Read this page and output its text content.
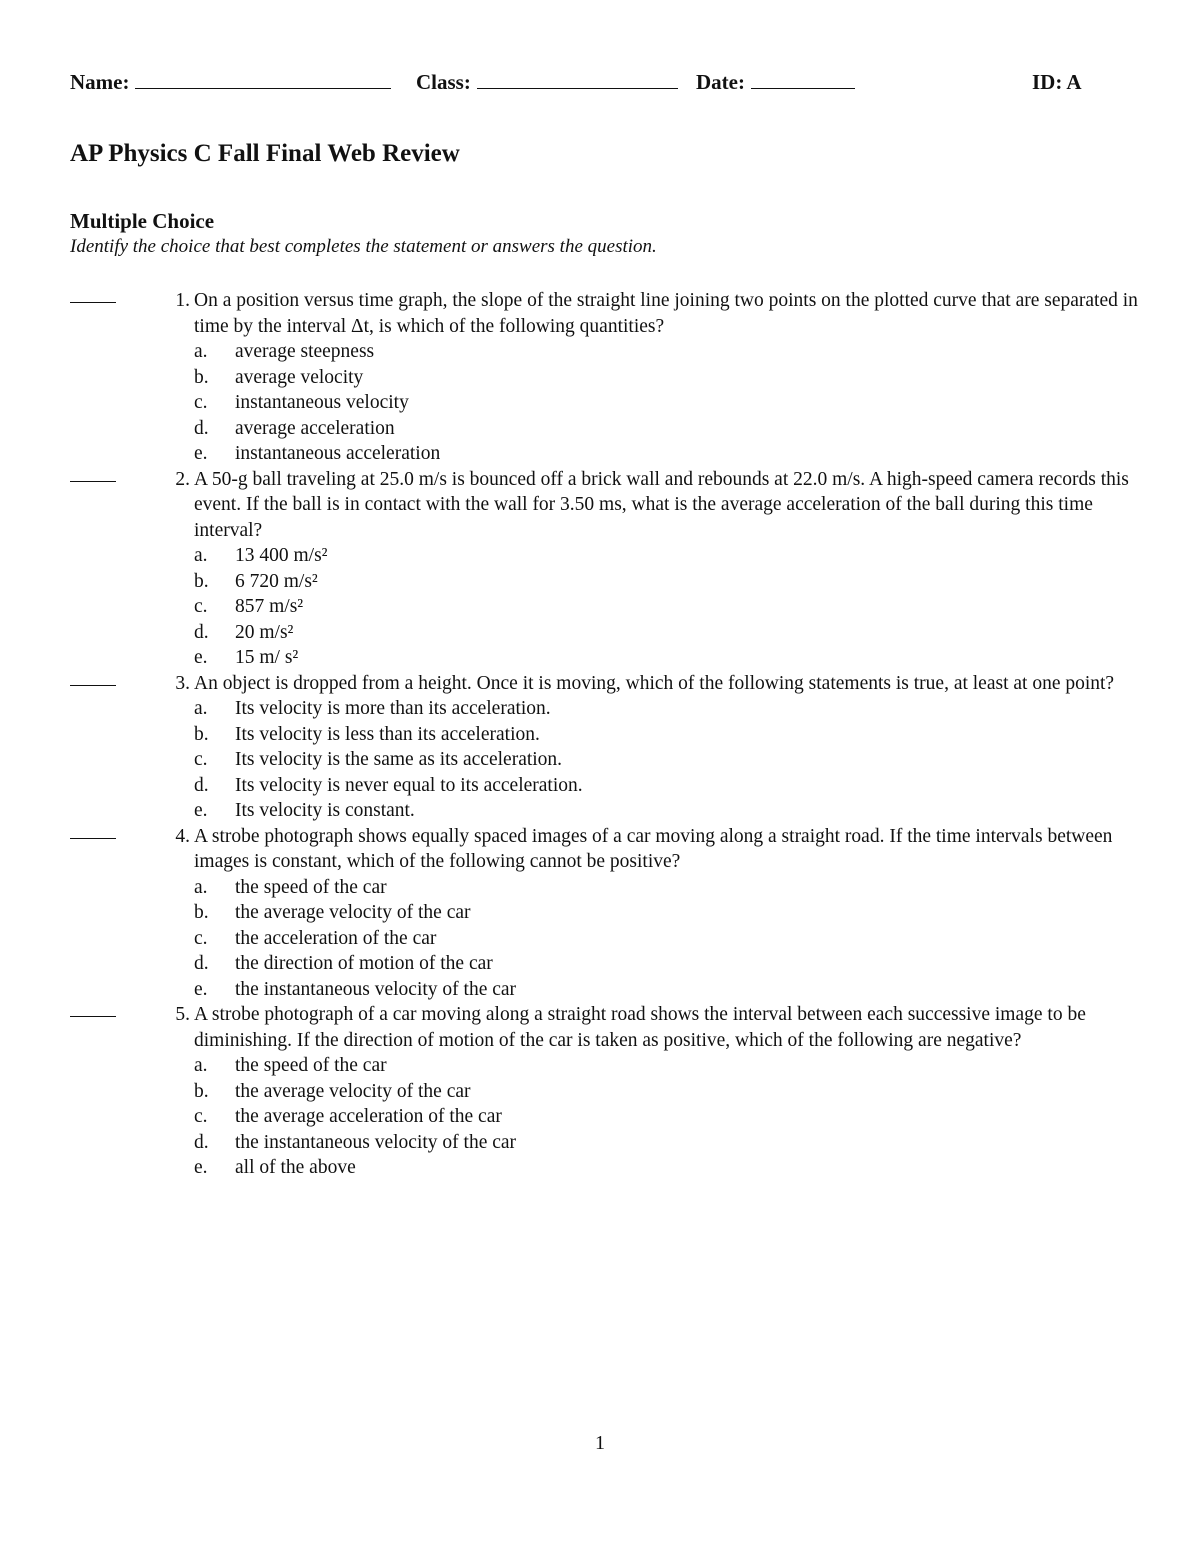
Name:	Class:	Date:	ID: A
AP Physics C Fall Final Web Review
Multiple Choice
Identify the choice that best completes the statement or answers the question.
1. On a position versus time graph, the slope of the straight line joining two points on the plotted curve that are separated in time by the interval Δt, is which of the following quantities?
a. average steepness
b. average velocity
c. instantaneous velocity
d. average acceleration
e. instantaneous acceleration
2. A 50-g ball traveling at 25.0 m/s is bounced off a brick wall and rebounds at 22.0 m/s. A high-speed camera records this event. If the ball is in contact with the wall for 3.50 ms, what is the average acceleration of the ball during this time interval?
a. 13 400 m/s²
b. 6 720 m/s²
c. 857 m/s²
d. 20 m/s²
e. 15 m/ s²
3. An object is dropped from a height. Once it is moving, which of the following statements is true, at least at one point?
a. Its velocity is more than its acceleration.
b. Its velocity is less than its acceleration.
c. Its velocity is the same as its acceleration.
d. Its velocity is never equal to its acceleration.
e. Its velocity is constant.
4. A strobe photograph shows equally spaced images of a car moving along a straight road. If the time intervals between images is constant, which of the following cannot be positive?
a. the speed of the car
b. the average velocity of the car
c. the acceleration of the car
d. the direction of motion of the car
e. the instantaneous velocity of the car
5. A strobe photograph of a car moving along a straight road shows the interval between each successive image to be diminishing. If the direction of motion of the car is taken as positive, which of the following are negative?
a. the speed of the car
b. the average velocity of the car
c. the average acceleration of the car
d. the instantaneous velocity of the car
e. all of the above
1
